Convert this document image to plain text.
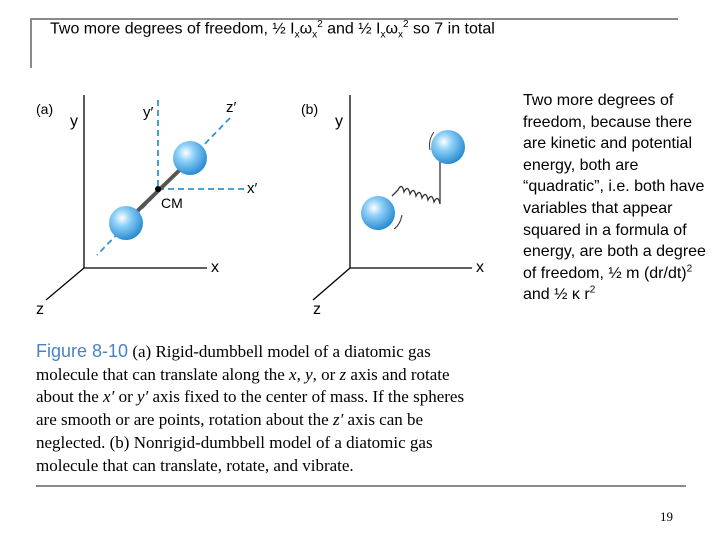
Two more degrees of freedom, ½ $I_x\omega_x^2$ and ½ $I_x\omega_x^2$ so 7 in total
(a)
y
y′	z′
x′
CM
x
z
(b)
y
x
z
Two more degrees of freedom, because there are kinetic and potential energy, both are “quadratic”, i.e. both have variables that appear squared in a formula of energy, are both a degree of freedom, ½ m $(dr/dt)^2$ and ½ κ $r^2$
Figure 8-10 (a) Rigid-dumbbell model of a diatomic gas molecule that can translate along the x, y, or z axis and rotate about the x′ or y′ axis fixed to the center of mass. If the spheres are smooth or are points, rotation about the z′ axis can be neglected. (b) Nonrigid-dumbbell model of a diatomic gas molecule that can translate, rotate, and vibrate.
19
